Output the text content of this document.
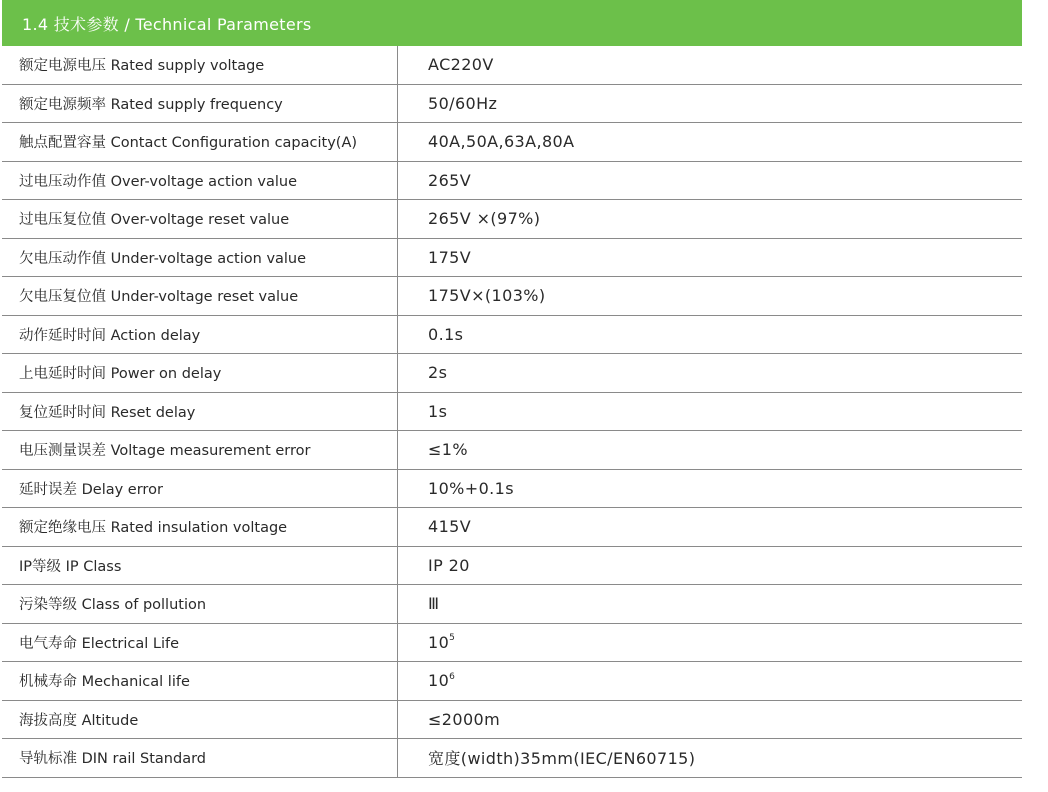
1.4 技术参数 / Technical Parameters
额定电源电压 Rated supply voltage	AC220V
额定电源频率 Rated supply frequency	50/60Hz
触点配置容量 Contact Configuration capacity(A)	40A,50A,63A,80A
过电压动作值 Over-voltage action value	265V
过电压复位值 Over-voltage reset value	265V ×(97%)
欠电压动作值 Under-voltage action value	175V
欠电压复位值 Under-voltage reset value	175V×(103%)
动作延时时间 Action delay	0.1s
上电延时时间 Power on delay	2s
复位延时时间 Reset delay	1s
电压测量误差 Voltage measurement error	≤1%
延时误差 Delay error	10%+0.1s
额定绝缘电压 Rated insulation voltage	415V
IP等级 IP Class	IP 20
污染等级 Class of pollution	Ⅲ
电气寿命 Electrical Life	$10^5$
机械寿命 Mechanical life	$10^6$
海拔高度 Altitude	≤2000m
导轨标准 DIN rail Standard	宽度(width)35mm(IEC/EN60715)
